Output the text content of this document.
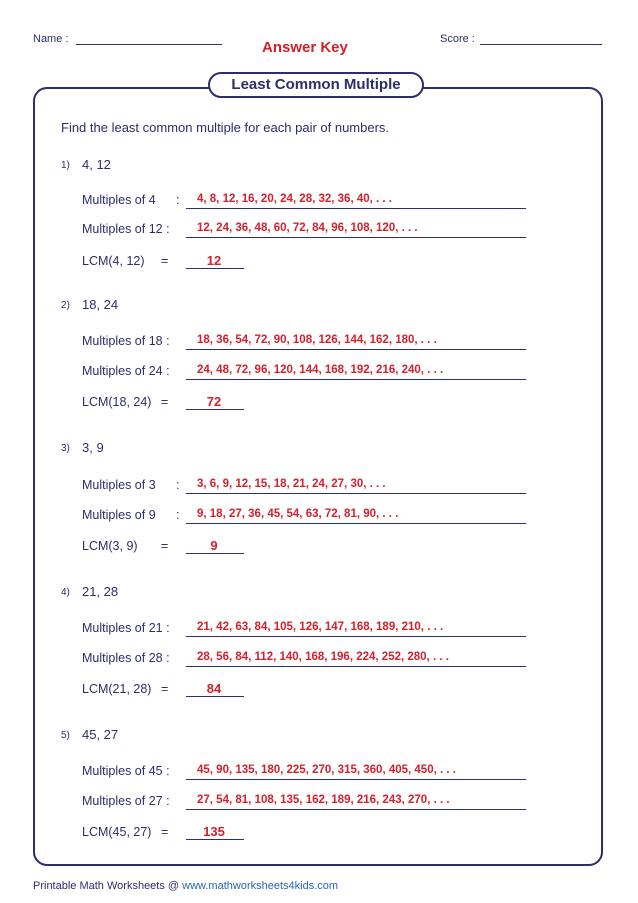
Name :	Answer Key	Score :
Least Common Multiple
Find the least common multiple for each pair of numbers.
1) 4, 12
Multiples of 4 : 4, 8, 12, 16, 20, 24, 28, 32, 36, 40, . . .
Multiples of 12 : 12, 24, 36, 48, 60, 72, 84, 96, 108, 120, . . .
LCM(4, 12) =	12
2) 18, 24
Multiples of 18 : 18, 36, 54, 72, 90, 108, 126, 144, 162, 180, . . .
Multiples of 24 : 24, 48, 72, 96, 120, 144, 168, 192, 216, 240, . . .
LCM(18, 24) =	72
3) 3, 9
Multiples of 3 : 3, 6, 9, 12, 15, 18, 21, 24, 27, 30, . . .
Multiples of 9 : 9, 18, 27, 36, 45, 54, 63, 72, 81, 90, . . .
LCM(3, 9) =	9
4) 21, 28
Multiples of 21 : 21, 42, 63, 84, 105, 126, 147, 168, 189, 210, . . .
Multiples of 28 : 28, 56, 84, 112, 140, 168, 196, 224, 252, 280, . . .
LCM(21, 28) =	84
5) 45, 27
Multiples of 45 : 45, 90, 135, 180, 225, 270, 315, 360, 405, 450, . . .
Multiples of 27 : 27, 54, 81, 108, 135, 162, 189, 216, 243, 270, . . .
LCM(45, 27) =	135
Printable Math Worksheets @ www.mathworksheets4kids.com
